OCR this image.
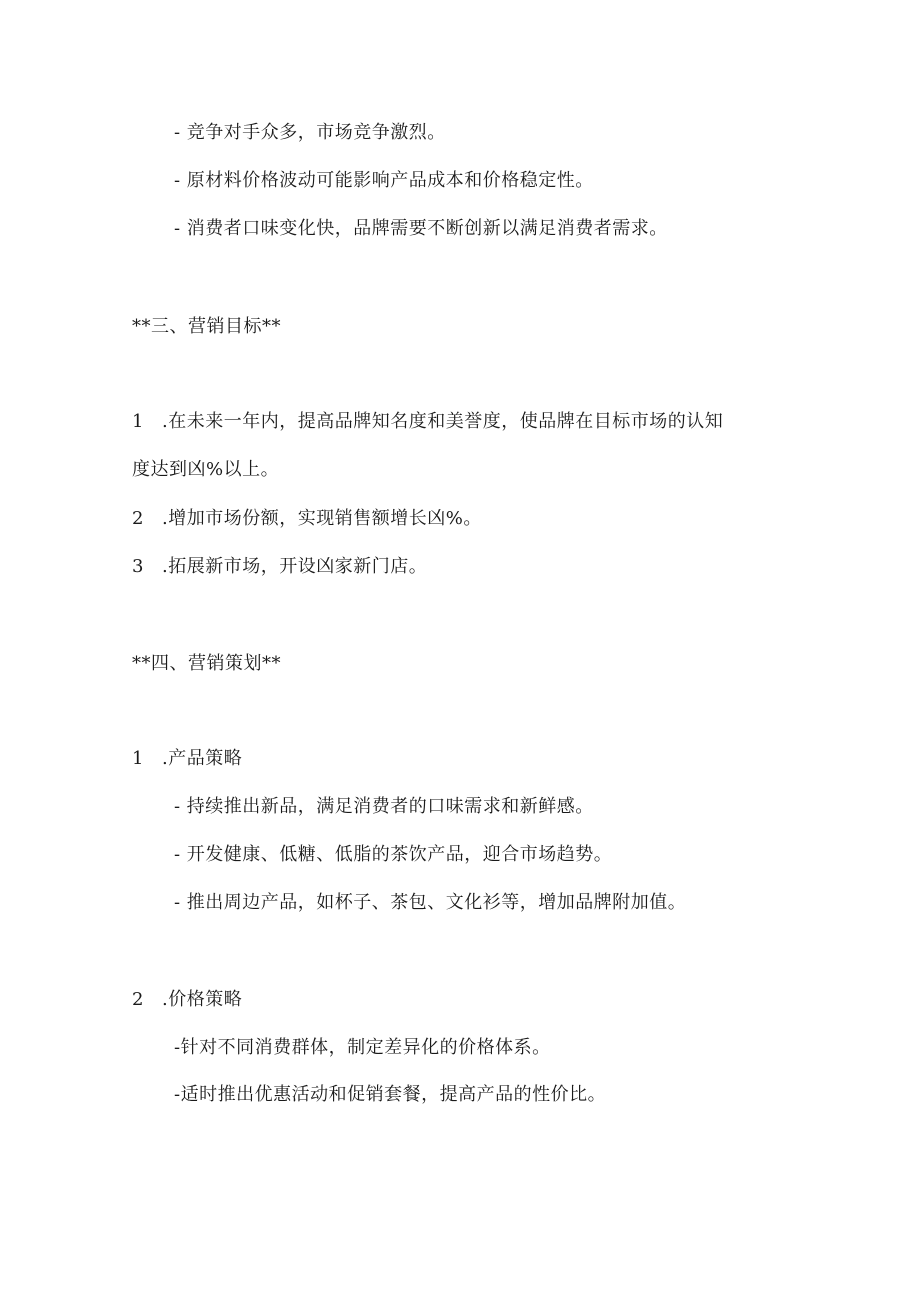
- 竞争对手众多，市场竞争激烈。
- 原材料价格波动可能影响产品成本和价格稳定性。
- 消费者口味变化快，品牌需要不断创新以满足消费者需求。
**三、营销目标**
1 .在未来一年内，提高品牌知名度和美誉度，使品牌在目标市场的认知
度达到凶%以上。
2 .增加市场份额，实现销售额增长凶%。
3 .拓展新市场，开设凶家新门店。
**四、营销策划**
1 .产品策略
- 持续推出新品，满足消费者的口味需求和新鲜感。
- 开发健康、低糖、低脂的茶饮产品，迎合市场趋势。
- 推出周边产品，如杯子、茶包、文化衫等，增加品牌附加值。
2 .价格策略
-针对不同消费群体，制定差异化的价格体系。
-适时推出优惠活动和促销套餐，提高产品的性价比。
